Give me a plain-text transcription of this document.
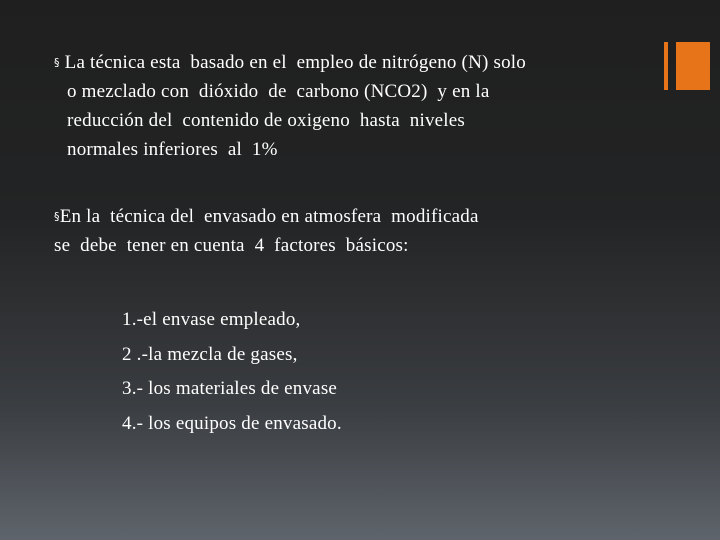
§ La técnica esta  basado en el  empleo de nitrógeno (N) solo
o mezclado con  dióxido  de  carbono (NCO2)  y en la
reducción del  contenido de oxigeno  hasta  niveles
normales inferiores  al  1%
§En la  técnica del  envasado en atmosfera  modificada
se  debe  tener en cuenta  4  factores  básicos:
1.-el envase empleado,
2 .-la mezcla de gases,
3.- los materiales de envase
4.- los equipos de envasado.
